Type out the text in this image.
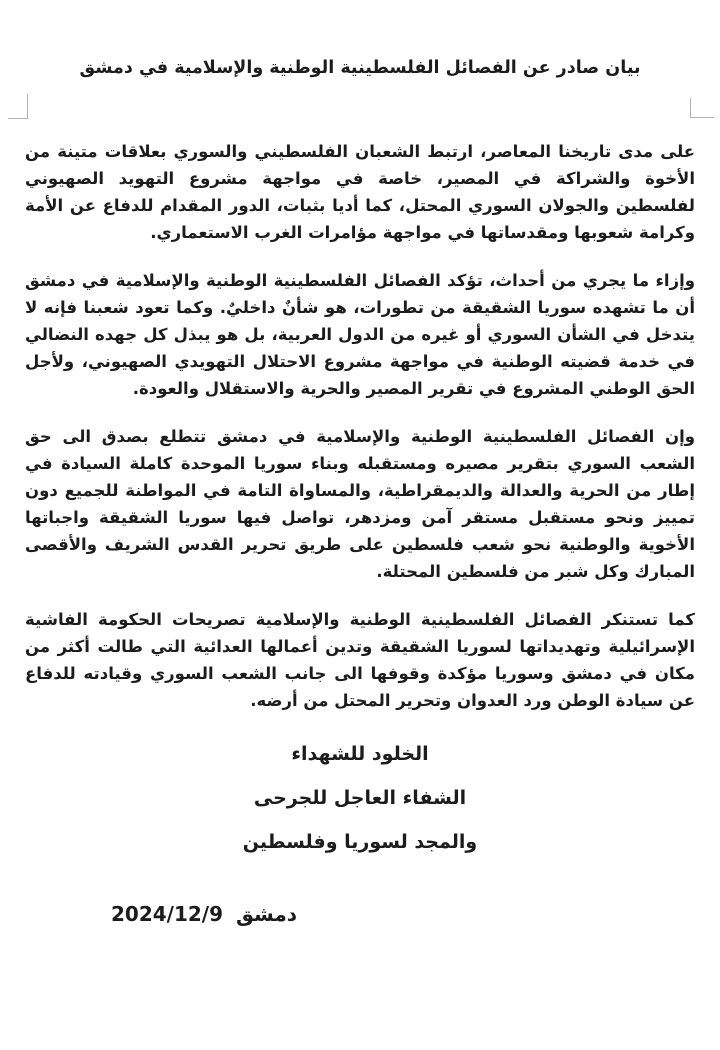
بيان صادر عن الفصائل الفلسطينية الوطنية والإسلامية في دمشق

على مدى تاريخنا المعاصر، ارتبط الشعبان الفلسطيني والسوري بعلاقات متينة من الأخوة والشراكة في المصير، خاصة في مواجهة مشروع التهويد الصهيوني لفلسطين والجولان السوري المحتل، كما أديا بثبات، الدور المقدام للدفاع عن الأمة وكرامة شعوبها ومقدساتها في مواجهة مؤامرات الغرب الاستعماري.

وإزاء ما يجري من أحداث، تؤكد الفصائل الفلسطينية الوطنية والإسلامية في دمشق أن ما تشهده سوريا الشقيقة من تطورات، هو شأنٌ داخليٌ. وكما تعود شعبنا فإنه لا يتدخل في الشأن السوري أو غيره من الدول العربية، بل هو يبذل كل جهده النضالي في خدمة قضيته الوطنية في مواجهة مشروع الاحتلال التهويدي الصهيوني، ولأجل الحق الوطني المشروع في تقرير المصير والحرية والاستقلال والعودة.

وإن الفصائل الفلسطينية الوطنية والإسلامية في دمشق تتطلع بصدق الى حق الشعب السوري بتقرير مصيره ومستقبله وبناء سوريا الموحدة كاملة السيادة في إطار من الحرية والعدالة والديمقراطية، والمساواة التامة في المواطنة للجميع دون تمييز ونحو مستقبل مستقر آمن ومزدهر، تواصل فيها سوريا الشقيقة واجباتها الأخوية والوطنية نحو شعب فلسطين على طريق تحرير القدس الشريف والأقصى المبارك وكل شبر من فلسطين المحتلة.

كما تستنكر الفصائل الفلسطينية الوطنية والإسلامية تصريحات الحكومة الفاشية الإسرائيلية وتهديداتها لسوريا الشقيقة وتدين أعمالها العدائية التي طالت أكثر من مكان في دمشق وسوريا مؤكدة وقوفها الى جانب الشعب السوري وقيادته للدفاع عن سيادة الوطن ورد العدوان وتحرير المحتل من أرضه.

الخلود للشهداء
الشفاء العاجل للجرحى
والمجد لسوريا وفلسطين
دمشق 2024/12/9
